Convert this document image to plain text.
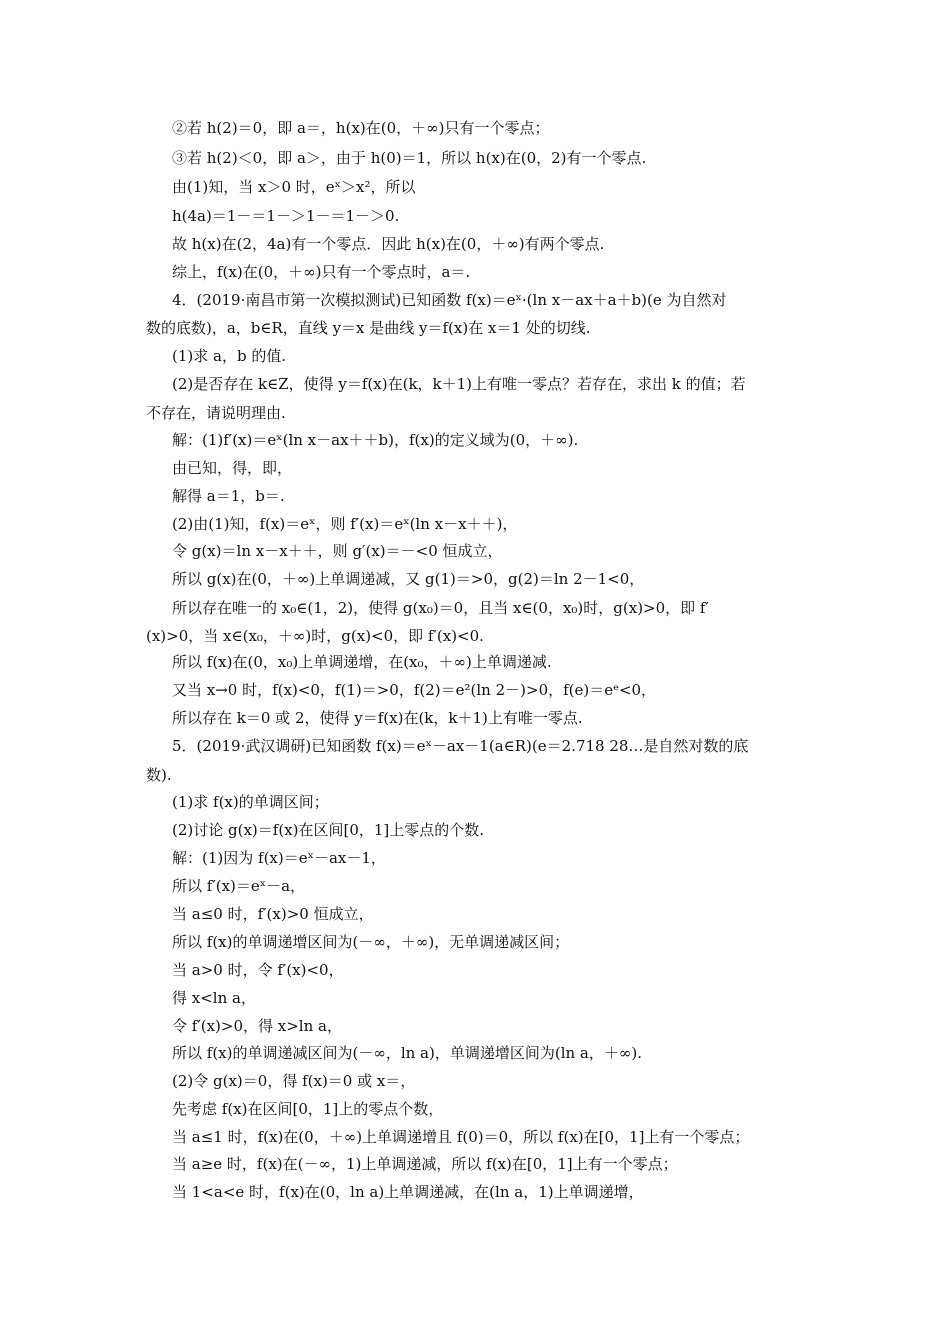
②若 h(2)＝0，即 a＝，h(x)在(0，＋∞)只有一个零点；
③若 h(2)＜0，即 a＞，由于 h(0)＝1，所以 h(x)在(0，2)有一个零点.
由(1)知，当 x＞0 时，eˣ＞x²，所以
h(4a)＝1－＝1－＞1－＝1－＞0.
故 h(x)在(2，4a)有一个零点．因此 h(x)在(0，＋∞)有两个零点.
综上，f(x)在(0，＋∞)只有一个零点时，a＝.
4．(2019·南昌市第一次模拟测试)已知函数 f(x)＝eˣ·(ln x－ax＋a＋b)(e 为自然对
数的底数)，a，b∈R，直线 y＝x 是曲线 y＝f(x)在 x＝1 处的切线.
(1)求 a，b 的值.
(2)是否存在 k∈Z，使得 y＝f(x)在(k，k＋1)上有唯一零点？若存在，求出 k 的值；若
不存在，请说明理由.
解：(1)f′(x)＝eˣ(ln x－ax＋＋b)，f(x)的定义域为(0，＋∞).
由已知，得，即，
解得 a＝1，b＝.
(2)由(1)知，f(x)＝eˣ，则 f′(x)＝eˣ(ln x－x＋＋)，
令 g(x)＝ln x－x＋＋，则 g′(x)＝－<0 恒成立，
所以 g(x)在(0，＋∞)上单调递减，又 g(1)＝>0，g(2)＝ln 2－1<0，
所以存在唯一的 x₀∈(1，2)，使得 g(x₀)＝0，且当 x∈(0，x₀)时，g(x)>0，即 f′
(x)>0，当 x∈(x₀，＋∞)时，g(x)<0，即 f′(x)<0.
所以 f(x)在(0，x₀)上单调递增，在(x₀，＋∞)上单调递减.
又当 x→0 时，f(x)<0，f(1)＝>0，f(2)＝e²(ln 2－)>0，f(e)＝eᵉ<0，
所以存在 k＝0 或 2，使得 y＝f(x)在(k，k＋1)上有唯一零点.
5．(2019·武汉调研)已知函数 f(x)＝eˣ－ax－1(a∈R)(e＝2.718 28…是自然对数的底
数).
(1)求 f(x)的单调区间；
(2)讨论 g(x)＝f(x)在区间[0，1]上零点的个数.
解：(1)因为 f(x)＝eˣ－ax－1，
所以 f′(x)＝eˣ－a，
当 a≤0 时，f′(x)>0 恒成立，
所以 f(x)的单调递增区间为(－∞，＋∞)，无单调递减区间；
当 a>0 时，令 f′(x)<0，
得 x<ln a，
令 f′(x)>0，得 x>ln a，
所以 f(x)的单调递减区间为(－∞，ln a)，单调递增区间为(ln a，＋∞).
(2)令 g(x)＝0，得 f(x)＝0 或 x＝，
先考虑 f(x)在区间[0，1]上的零点个数，
当 a≤1 时，f(x)在(0，＋∞)上单调递增且 f(0)＝0，所以 f(x)在[0，1]上有一个零点；
当 a≥e 时，f(x)在(－∞，1)上单调递减，所以 f(x)在[0，1]上有一个零点；
当 1<a<e 时，f(x)在(0，ln a)上单调递减，在(ln a，1)上单调递增，
